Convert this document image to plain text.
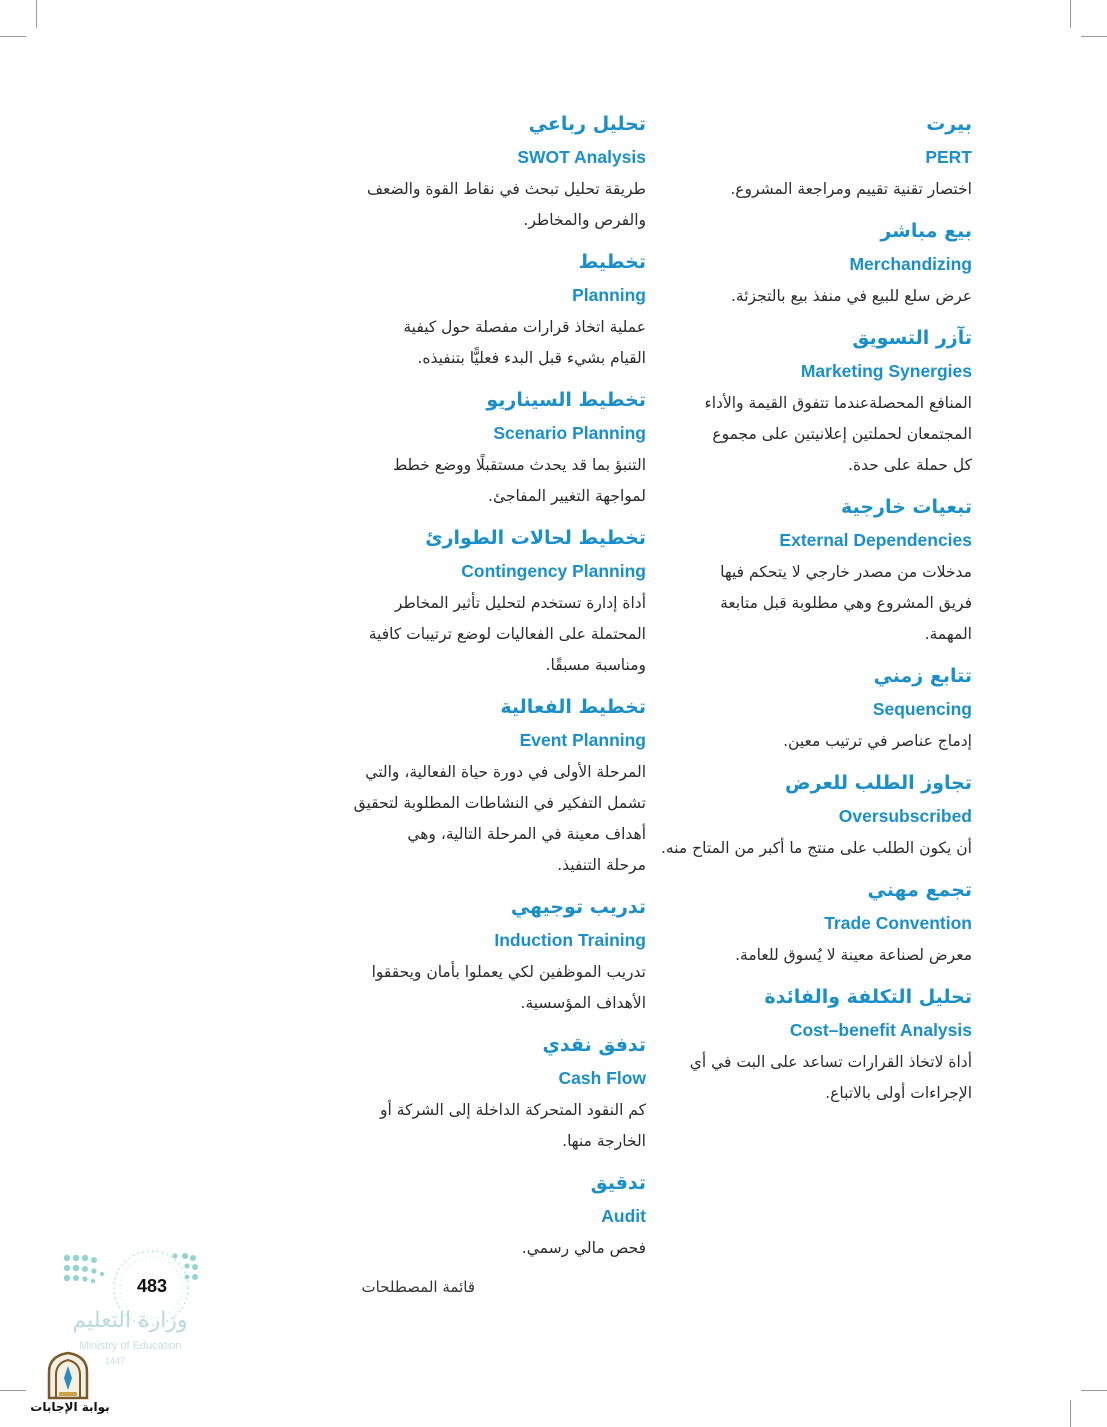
بيرت
PERT
اختصار تقنية تقييم ومراجعة المشروع.
بيع مباشر
Merchandizing
عرض سلع للبيع في منفذ بيع بالتجزئة.
تآزر التسويق
Marketing Synergies
المنافع المحصلةعندما تتفوق القيمة والأداء
المجتمعان لحملتين إعلانيتين على مجموع
كل حملة على حدة.
تبعيات خارجية
External Dependencies
مدخلات من مصدر خارجي لا يتحكم فيها
فريق المشروع وهي مطلوبة قبل متابعة
المهمة.
تتابع زمني
Sequencing
إدماج عناصر في ترتيب معين.
تجاوز الطلب للعرض
Oversubscribed
أن يكون الطلب على منتج ما أكبر من المتاح منه.
تجمع مهني
Trade Convention
معرض لصناعة معينة لا يُسوق للعامة.
تحليل التكلفة والفائدة
Cost–benefit Analysis
أداة لاتخاذ القرارات تساعد على البت في أي
الإجراءات أولى بالاتباع.
تحليل رباعي
SWOT Analysis
طريقة تحليل تبحث في نقاط القوة والضعف
والفرص والمخاطر.
تخطيط
Planning
عملية اتخاذ قرارات مفصلة حول كيفية
القيام بشيء قبل البدء فعليًّا بتنفيذه.
تخطيط السيناريو
Scenario Planning
التنبؤ بما قد يحدث مستقبلًا ووضع خطط
لمواجهة التغيير المفاجئ.
تخطيط لحالات الطوارئ
Contingency Planning
أداة إدارة تستخدم لتحليل تأثير المخاطر
المحتملة على الفعاليات لوضع ترتيبات كافية
ومناسبة مسبقًا.
تخطيط الفعالية
Event Planning
المرحلة الأولى في دورة حياة الفعالية، والتي
تشمل التفكير في النشاطات المطلوبة لتحقيق
أهداف معينة في المرحلة التالية، وهي
مرحلة التنفيذ.
تدريب توجيهي
Induction Training
تدريب الموظفين لكي يعملوا بأمان ويحققوا
الأهداف المؤسسية.
تدفق نقدي
Cash Flow
كم النقود المتحركة الداخلة إلى الشركة أو
الخارجة منها.
تدقيق
Audit
فحص مالي رسمي.
قائمة المصطلحات
483
وزارة التعليم
Ministry of Education
1447
بوابة الإجابات
